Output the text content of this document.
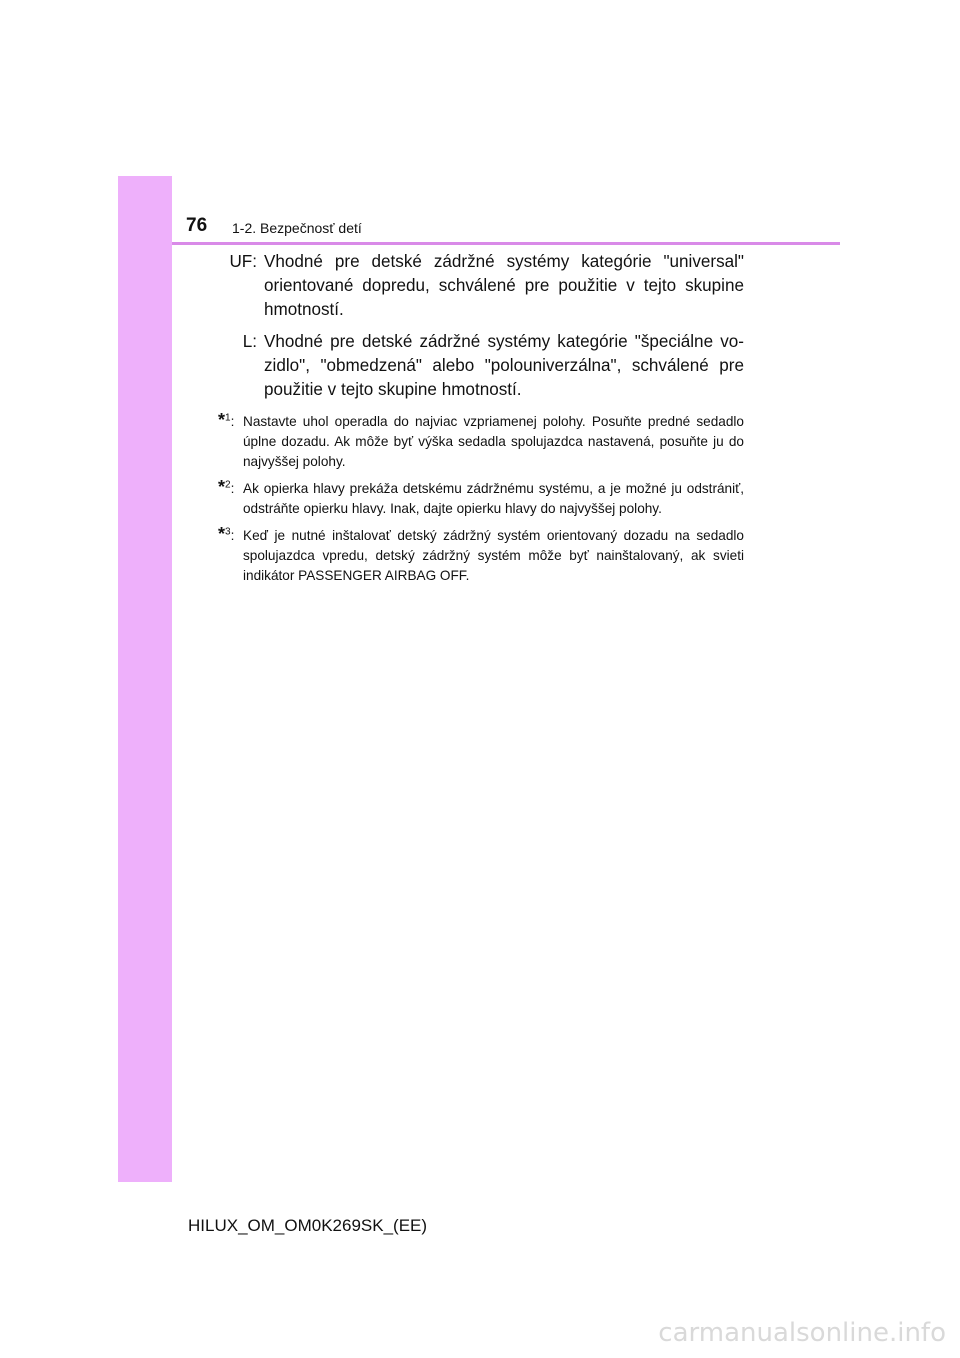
76 1-2. Bezpečnosť detí
UF: Vhodné pre detské zádržné systémy kategórie "universal" orientované dopredu, schválené pre použitie v tejto skupine hmotností.
L: Vhodné pre detské zádržné systémy kategórie "špeciálne vozidlo", "obmedzená" alebo "polouniverzálna", schválené pre použitie v tejto skupine hmotností.
*$^1$: Nastavte uhol operadla do najviac vzpriamenej polohy. Posuňte predné sedadlo úplne dozadu. Ak môže byť výška sedadla spolujazdca nastavená, posuňte ju do najvyššej polohy.
*$^2$: Ak opierka hlavy prekáža detskému zádržnému systému, a je možné ju odstrániť, odstráňte opierku hlavy. Inak, dajte opierku hlavy do najvyššej polohy.
*$^3$: Keď je nutné inštalovať detský zádržný systém orientovaný dozadu na sedadlo spolujazdca vpredu, detský zádržný systém môže byť nainštalovaný, ak svieti indikátor PASSENGER AIRBAG OFF.
HILUX_OM_OM0K269SK_(EE)
carmanualsonline.info
